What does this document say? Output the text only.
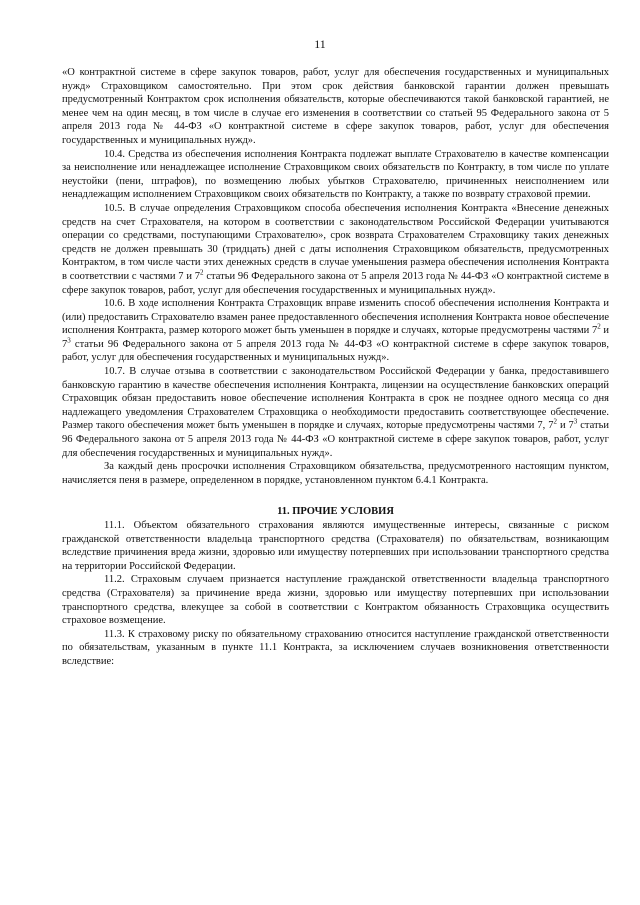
11

«О контрактной системе в сфере закупок товаров, работ, услуг для обеспечения государственных и муниципальных нужд» Страховщиком самостоятельно. При этом срок действия банковской гарантии должен превышать предусмотренный Контрактом срок исполнения обязательств, которые обеспечиваются такой банковской гарантией, не менее чем на один месяц, в том числе в случае его изменения в соответствии со статьей 95 Федерального закона от 5 апреля 2013 года № 44-ФЗ «О контрактной системе в сфере закупок товаров, работ, услуг для обеспечения государственных и муниципальных нужд».

10.4. Средства из обеспечения исполнения Контракта подлежат выплате Страхователю в качестве компенсации за неисполнение или ненадлежащее исполнение Страховщиком своих обязательств по Контракту, в том числе по уплате неустойки (пени, штрафов), по возмещению любых убытков Страхователю, причиненных неисполнением или ненадлежащим исполнением Страховщиком своих обязательств по Контракту, а также по возврату страховой премии.

10.5. В случае определения Страховщиком способа обеспечения исполнения Контракта «Внесение денежных средств на счет Страхователя, на котором в соответствии с законодательством Российской Федерации учитываются операции со средствами, поступающими Страхователю», срок возврата Страхователем Страховщику таких денежных средств не должен превышать 30 (тридцать) дней с даты исполнения Страховщиком обязательств, предусмотренных Контрактом, в том числе части этих денежных средств в случае уменьшения размера обеспечения исполнения Контракта в соответствии с частями 7 и $7^2$ статьи 96 Федерального закона от 5 апреля 2013 года № 44-ФЗ «О контрактной системе в сфере закупок товаров, работ, услуг для обеспечения государственных и муниципальных нужд».

10.6. В ходе исполнения Контракта Страховщик вправе изменить способ обеспечения исполнения Контракта и (или) предоставить Страхователю взамен ранее предоставленного обеспечения исполнения Контракта новое обеспечение исполнения Контракта, размер которого может быть уменьшен в порядке и случаях, которые предусмотрены частями $7^2$ и $7^3$ статьи 96 Федерального закона от 5 апреля 2013 года № 44-ФЗ «О контрактной системе в сфере закупок товаров, работ, услуг для обеспечения государственных и муниципальных нужд».

10.7. В случае отзыва в соответствии с законодательством Российской Федерации у банка, предоставившего банковскую гарантию в качестве обеспечения исполнения Контракта, лицензии на осуществление банковских операций Страховщик обязан предоставить новое обеспечение исполнения Контракта в срок не позднее одного месяца со дня надлежащего уведомления Страхователем Страховщика о необходимости предоставить соответствующее обеспечение. Размер такого обеспечения может быть уменьшен в порядке и случаях, которые предусмотрены частями 7, $7^2$ и $7^3$ статьи 96 Федерального закона от 5 апреля 2013 года № 44-ФЗ «О контрактной системе в сфере закупок товаров, работ, услуг для обеспечения государственных и муниципальных нужд».

За каждый день просрочки исполнения Страховщиком обязательства, предусмотренного настоящим пунктом, начисляется пеня в размере, определенном в порядке, установленном пунктом 6.4.1 Контракта.

11. ПРОЧИЕ УСЛОВИЯ

11.1. Объектом обязательного страхования являются имущественные интересы, связанные с риском гражданской ответственности владельца транспортного средства (Страхователя) по обязательствам, возникающим вследствие причинения вреда жизни, здоровью или имуществу потерпевших при использовании транспортного средства на территории Российской Федерации.

11.2. Страховым случаем признается наступление гражданской ответственности владельца транспортного средства (Страхователя) за причинение вреда жизни, здоровью или имуществу потерпевших при использовании транспортного средства, влекущее за собой в соответствии с Контрактом обязанность Страховщика осуществить страховое возмещение.

11.3. К страховому риску по обязательному страхованию относится наступление гражданской ответственности по обязательствам, указанным в пункте 11.1 Контракта, за исключением случаев возникновения ответственности вследствие:
